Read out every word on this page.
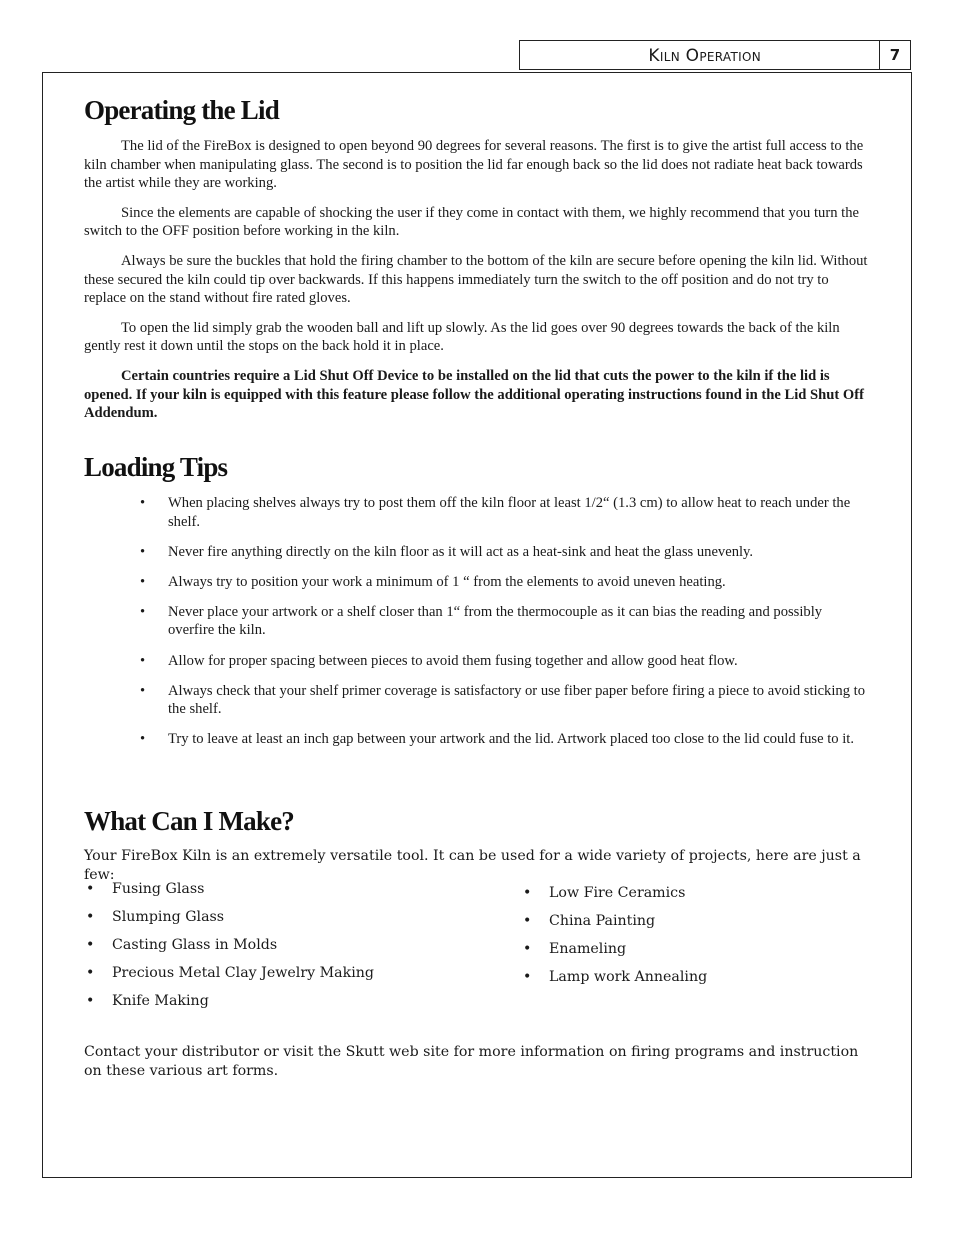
Kiln Operation	7
Operating the Lid

The lid of the FireBox is designed to open beyond 90 degrees for several reasons. The first is to give the artist full access to the kiln chamber when manipulating glass. The second is to position the lid far enough back so the lid does not radiate heat back towards the artist while they are working.

Since the elements are capable of shocking the user if they come in contact with them, we highly recommend that you turn the switch to the OFF position before working in the kiln.

Always be sure the buckles that hold the firing chamber to the bottom of the kiln are secure before opening the kiln lid. Without these secured the kiln could tip over backwards. If this happens immediately turn the switch to the off position and do not try to replace on the stand without fire rated gloves.

To open the lid simply grab the wooden ball and lift up slowly. As the lid goes over 90 degrees towards the back of the kiln gently rest it down until the stops on the back hold it in place.

Certain countries require a Lid Shut Off Device to be installed on the lid that cuts the power to the kiln if the lid is opened. If your kiln is equipped with this feature please follow the additional operating instructions found in the Lid Shut Off Addendum.

Loading Tips
• When placing shelves always try to post them off the kiln floor at least 1/2“ (1.3 cm) to allow heat to reach under the shelf.
• Never fire anything directly on the kiln floor as it will act as a heat-sink and heat the glass unevenly.
• Always try to position your work a minimum of 1 “ from the elements to avoid uneven heating.
• Never place your artwork or a shelf closer than 1“ from the thermocouple as it can bias the reading and possibly overfire the kiln.
• Allow for proper spacing between pieces to avoid them fusing together and allow good heat flow.
• Always check that your shelf primer coverage is satisfactory or use fiber paper before firing a piece to avoid sticking to the shelf.
• Try to leave at least an inch gap between your artwork and the lid. Artwork placed too close to the lid could fuse to it.
What Can I Make?
Your FireBox Kiln is an extremely versatile tool. It can be used for a wide variety of projects, here are just a few:
• Fusing Glass
• Slumping Glass
• Casting Glass in Molds
• Precious Metal Clay Jewelry Making
• Knife Making
• Low Fire Ceramics
• China Painting
• Enameling
• Lamp work Annealing
Contact your distributor or visit the Skutt web site for more information on firing programs and instruction on these various art forms.
